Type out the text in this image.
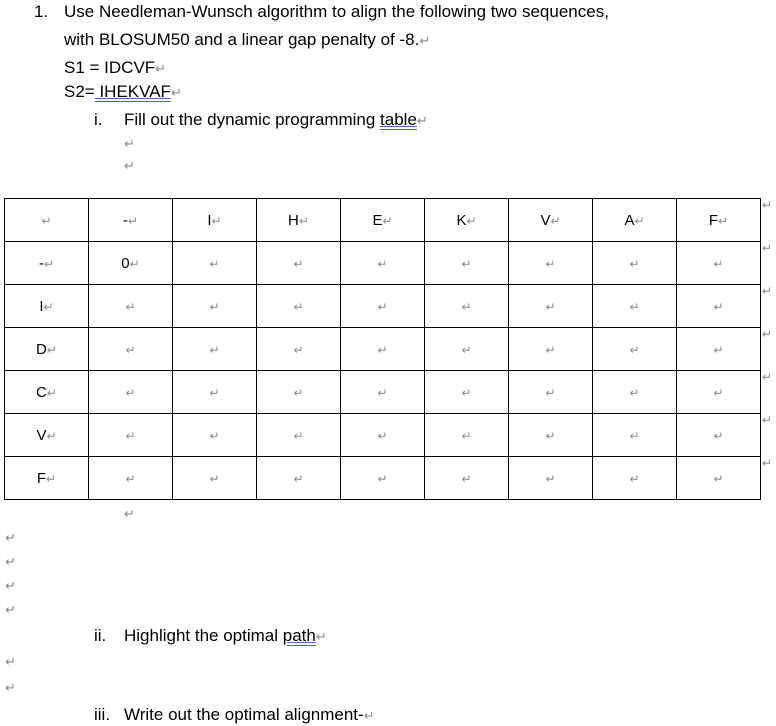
1. Use Needleman-Wunsch algorithm to align the following two sequences,
with BLOSUM50 and a linear gap penalty of -8.↵
S1 = IDCVF↵
S2= IHEKVAF↵
i. Fill out the dynamic programming table↵
↵
↵
↵	-↵	I↵	H↵	E↵	K↵	V↵	A↵	F↵
-↵	0↵	↵	↵	↵	↵	↵	↵	↵
I↵	↵	↵	↵	↵	↵	↵	↵	↵
D↵	↵	↵	↵	↵	↵	↵	↵	↵
C↵	↵	↵	↵	↵	↵	↵	↵	↵
V↵	↵	↵	↵	↵	↵	↵	↵	↵
F↵	↵	↵	↵	↵	↵	↵	↵	↵
↵
↵
↵
↵
↵
↵
↵
↵
↵
↵
↵
↵
↵
↵
ii. Highlight the optimal path↵
iii. Write out the optimal alignment-↵
